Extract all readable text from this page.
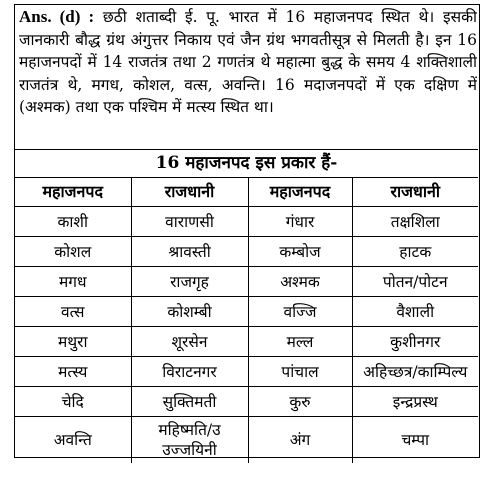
Ans. (d) : छठी शताब्दी ई. पू. भारत में 16 महाजनपद स्थित थे। इसकी जानकारी बौद्ध ग्रंथ अंगुत्तर निकाय एवं जैन ग्रंथ भगवतीसूत्र से मिलती है। इन 16 महाजनपदों में 14 राजतंत्र तथा 2 गणतंत्र थे महात्मा बुद्ध के समय 4 शक्तिशाली राजतंत्र थे, मगध, कोशल, वत्स, अवन्ति। 16 मदाजनपदों में एक दक्षिण में (अश्मक) तथा एक पश्चिम में मत्स्य स्थित था।
16 महाजनपद इस प्रकार हैं-
महाजनपद	राजधानी	महाजनपद	राजधानी
काशी	वाराणसी	गंधार	तक्षशिला
कोशल	श्रावस्ती	कम्बोज	हाटक
मगध	राजगृह	अश्मक	पोतन/पोटन
वत्स	कोशम्बी	वज्जि	वैशाली
मथुरा	शूरसेन	मल्ल	कुशीनगर
मत्स्य	विराटनगर	पांचाल	अहिच्छत्र/काम्पिल्य
चेदि	सुक्तिमती	कुरु	इन्द्रप्रस्थ
अवन्ति	महिष्मति/उ उज्जयिनी	अंग	चम्पा
